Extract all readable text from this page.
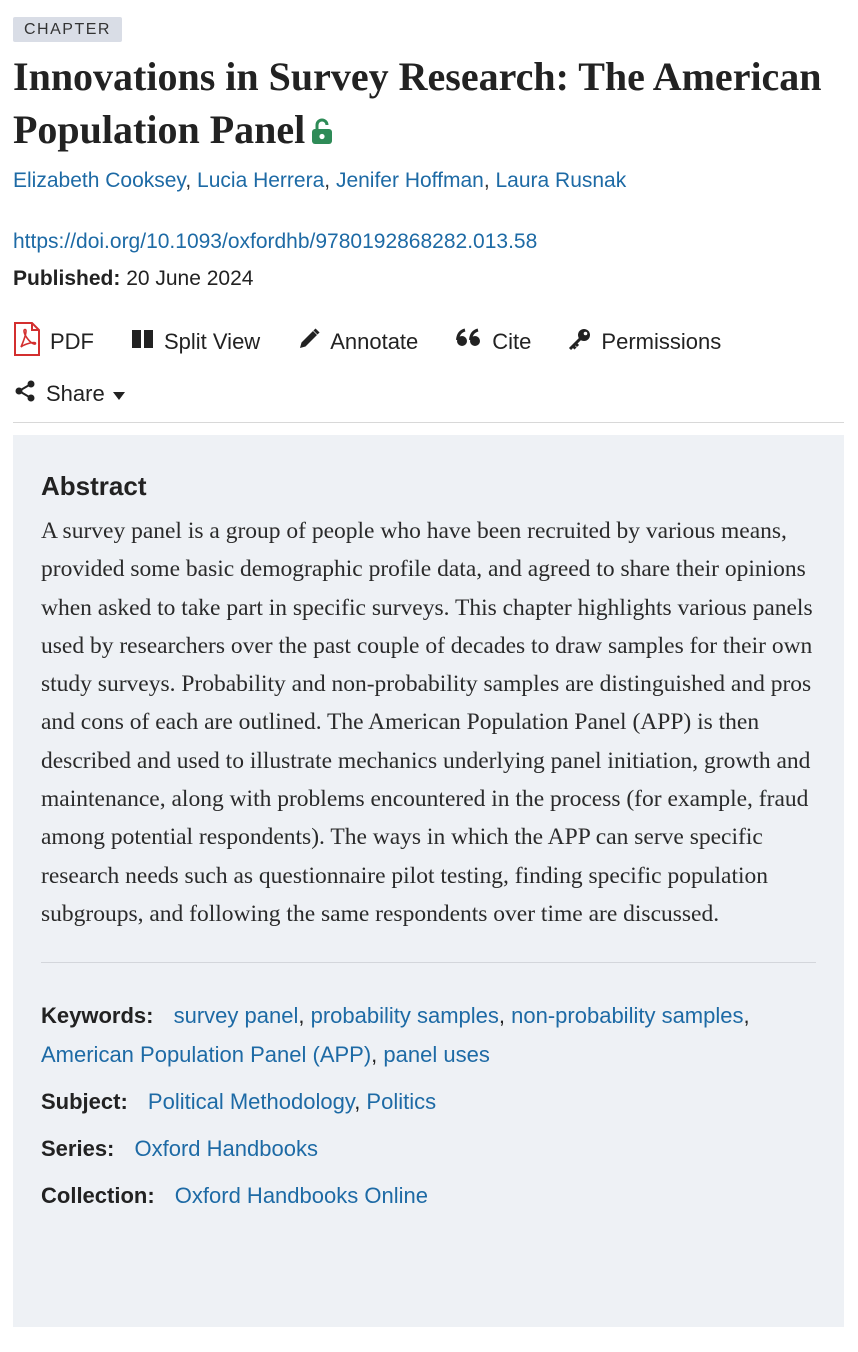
CHAPTER
Innovations in Survey Research: The American Population Panel
Elizabeth Cooksey, Lucia Herrera, Jenifer Hoffman, Laura Rusnak
https://doi.org/10.1093/oxfordhb/9780192868282.013.58
Published: 20 June 2024
PDF	Split View	Annotate	Cite	Permissions
Share
Abstract

A survey panel is a group of people who have been recruited by various means, provided some basic demographic profile data, and agreed to share their opinions when asked to take part in specific surveys. This chapter highlights various panels used by researchers over the past couple of decades to draw samples for their own study surveys. Probability and non-probability samples are distinguished and pros and cons of each are outlined. The American Population Panel (APP) is then described and used to illustrate mechanics underlying panel initiation, growth and maintenance, along with problems encountered in the process (for example, fraud among potential respondents). The ways in which the APP can serve specific research needs such as questionnaire pilot testing, finding specific population subgroups, and following the same respondents over time are discussed.

Keywords: survey panel, probability samples, non-probability samples, American Population Panel (APP), panel uses
Subject: Political Methodology, Politics
Series: Oxford Handbooks
Collection: Oxford Handbooks Online
